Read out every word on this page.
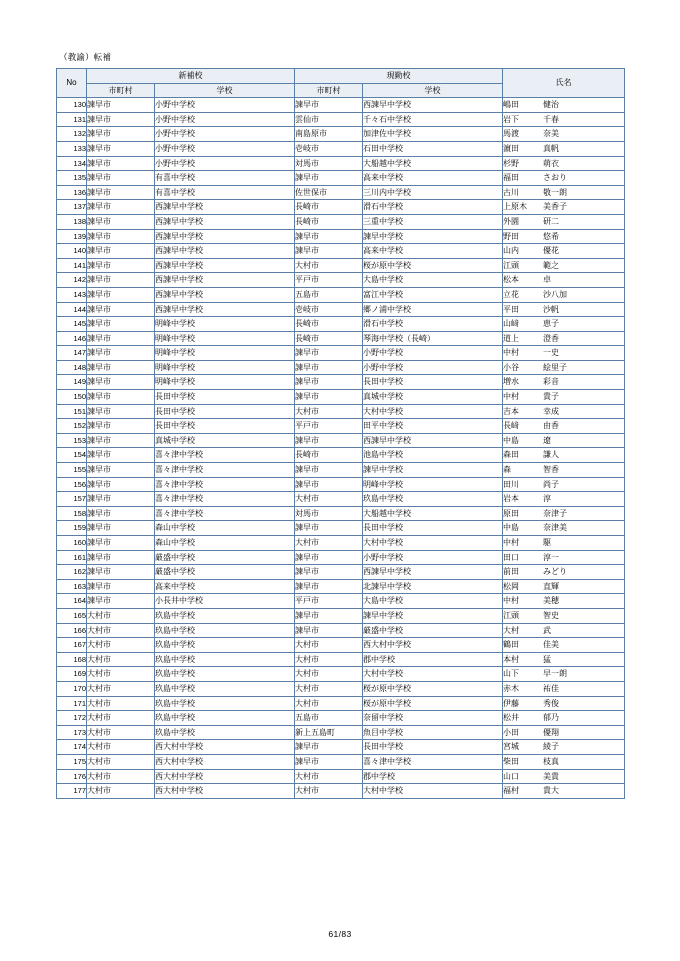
（教諭）転補
No	新補校		現勤校		氏名
	市町村	学校	市町村	学校	
130	諫早市	小野中学校	諫早市	西諫早中学校	嶋田 健治

131	諫早市	小野中学校	雲仙市	千々石中学校	岩下 千春

132	諫早市	小野中学校	南島原市	加津佐中学校	馬渡 奈美

133	諫早市	小野中学校	壱岐市	石田中学校	濵田 真帆

134	諫早市	小野中学校	対馬市	大船越中学校	杉野 萌衣

135	諫早市	有喜中学校	諫早市	高来中学校	福田 さおり

136	諫早市	有喜中学校	佐世保市	三川内中学校	古川 敬一朗

137	諫早市	西諫早中学校	長崎市	滑石中学校	上原木 美香子

138	諫早市	西諫早中学校	長崎市	三重中学校	外園 研二

139	諫早市	西諫早中学校	諫早市	諫早中学校	野田 悠希

140	諫早市	西諫早中学校	諫早市	高来中学校	山内 優花

141	諫早市	西諫早中学校	大村市	桜が原中学校	江頭 範之

142	諫早市	西諫早中学校	平戸市	大島中学校	松本 卓

143	諫早市	西諫早中学校	五島市	富江中学校	立花 沙八加

144	諫早市	西諫早中学校	壱岐市	郷ノ浦中学校	平田 沙帆

145	諫早市	明峰中学校	長崎市	滑石中学校	山﨑 恵子

146	諫早市	明峰中学校	長崎市	琴海中学校（長崎）	道上 澄香

147	諫早市	明峰中学校	諫早市	小野中学校	中村 一史

148	諫早市	明峰中学校	諫早市	小野中学校	小谷 絵里子

149	諫早市	明峰中学校	諫早市	長田中学校	増水 彩音

150	諫早市	長田中学校	諫早市	真城中学校	中村 貴子

151	諫早市	長田中学校	大村市	大村中学校	吉本 幸成

152	諫早市	長田中学校	平戸市	田平中学校	長﨑 由香

153	諫早市	真城中学校	諫早市	西諫早中学校	中島 遼

154	諫早市	喜々津中学校	長崎市	池島中学校	森田 謙人

155	諫早市	喜々津中学校	諫早市	諫早中学校	森 智香

156	諫早市	喜々津中学校	諫早市	明峰中学校	田川 尚子

157	諫早市	喜々津中学校	大村市	玖島中学校	岩本 淳

158	諫早市	喜々津中学校	対馬市	大船越中学校	原田 奈津子

159	諫早市	森山中学校	諫早市	長田中学校	中島 奈津美

160	諫早市	森山中学校	大村市	大村中学校	中村 駆

161	諫早市	厳盛中学校	諫早市	小野中学校	田口 淳一

162	諫早市	厳盛中学校	諫早市	西諫早中学校	前田 みどり

163	諫早市	高来中学校	諫早市	北諫早中学校	松岡 直輝

164	諫早市	小長井中学校	平戸市	大島中学校	中村 美穂

165	大村市	玖島中学校	諫早市	諫早中学校	江頭 智史

166	大村市	玖島中学校	諫早市	厳盛中学校	大村 武

167	大村市	玖島中学校	大村市	西大村中学校	鶴田 佳美

168	大村市	玖島中学校	大村市	郡中学校	本村 猛

169	大村市	玖島中学校	大村市	大村中学校	山下 早一朗

170	大村市	玖島中学校	大村市	桜が原中学校	赤木 祐佳

171	大村市	玖島中学校	大村市	桜が原中学校	伊藤 秀俊

172	大村市	玖島中学校	五島市	奈留中学校	松井 郁乃

173	大村市	玖島中学校	新上五島町	魚目中学校	小田 優翔

174	大村市	西大村中学校	諫早市	長田中学校	宮城 綾子

175	大村市	西大村中学校	諫早市	喜々津中学校	柴田 枝真

176	大村市	西大村中学校	大村市	郡中学校	山口 美貴

177	大村市	西大村中学校	大村市	大村中学校	福村 貴大
61/83
